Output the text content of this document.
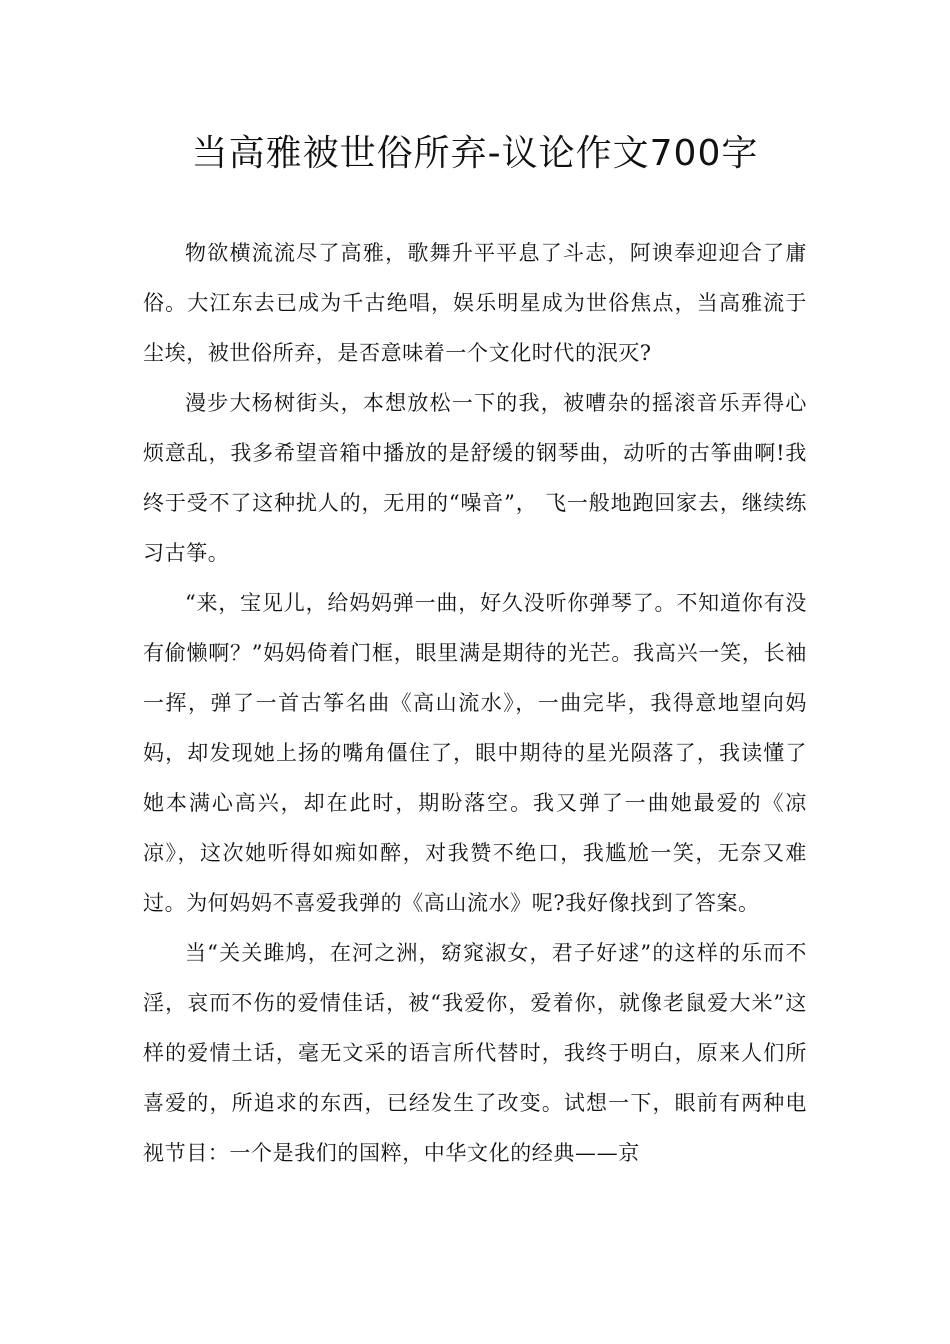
当高雅被世俗所弃-议论作文700字

物欲横流流尽了高雅，歌舞升平平息了斗志，阿谀奉迎迎合了庸俗。大江东去已成为千古绝唱，娱乐明星成为世俗焦点，当高雅流于尘埃，被世俗所弃，是否意味着一个文化时代的泯灭?

漫步大杨树街头，本想放松一下的我，被嘈杂的摇滚音乐弄得心烦意乱，我多希望音箱中播放的是舒缓的钢琴曲，动听的古筝曲啊!我终于受不了这种扰人的，无用的“噪音”， 飞一般地跑回家去，继续练习古筝。

“来，宝见儿，给妈妈弹一曲，好久没听你弹琴了。不知道你有没有偷懒啊？”妈妈倚着门框，眼里满是期待的光芒。我高兴一笑，长袖一挥，弹了一首古筝名曲《高山流水》，一曲完毕，我得意地望向妈妈，却发现她上扬的嘴角僵住了，眼中期待的星光陨落了，我读懂了她本满心高兴，却在此时，期盼落空。我又弹了一曲她最爱的《凉凉》，这次她听得如痴如醉，对我赞不绝口，我尴尬一笑，无奈又难过。为何妈妈不喜爱我弹的《高山流水》呢?我好像找到了答案。

当“关关雎鸠，在河之洲，窈窕淑女，君子好逑”的这样的乐而不淫，哀而不伤的爱情佳话，被“我爱你，爱着你，就像老鼠爱大米”这样的爱情土话，毫无文采的语言所代替时，我终于明白，原来人们所喜爱的，所追求的东西，已经发生了改变。试想一下，眼前有两种电视节目：一个是我们的国粹，中华文化的经典——京
